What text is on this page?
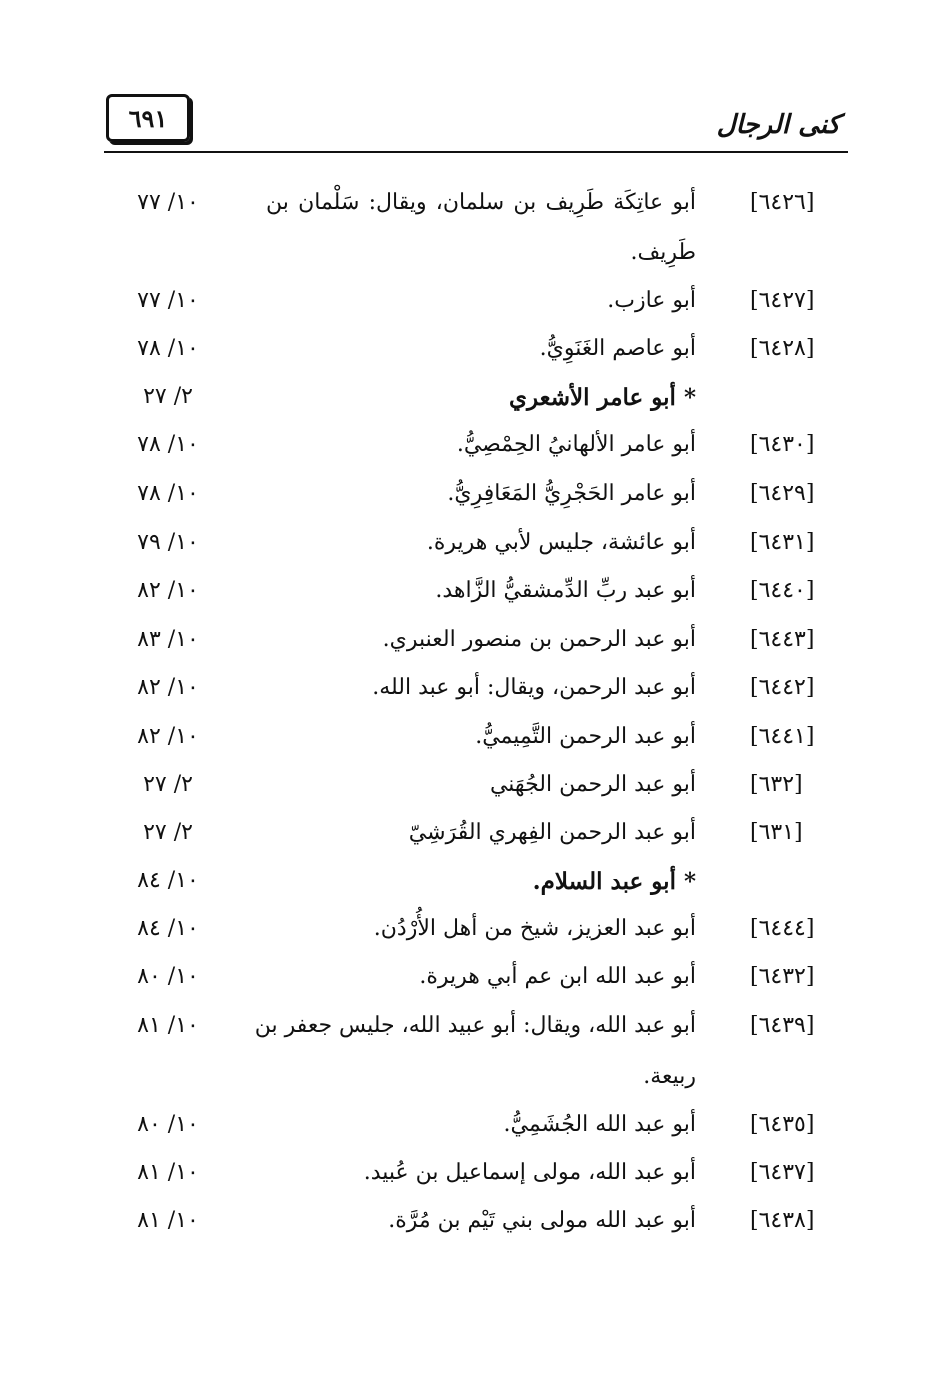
٦٩١	كنى الرجال
[٦٤٢٦]
أبو عاتِكَة طَرِيف بن سلمان، ويقال: سَلْمان بن
١٠/ ٧٧
طَرِيف.
[٦٤٢٧]
أبو عازب.
١٠/ ٧٧
[٦٤٢٨]
أبو عاصم الغَنَوِيُّ.
١٠/ ٧٨
* أبو عامر الأشعري
٢/ ٢٧
[٦٤٣٠]
أبو عامر الألهانيُ الحِمْصِيُّ.
١٠/ ٧٨
[٦٤٢٩]
أبو عامر الحَجْرِيُّ المَعَافِرِيُّ.
١٠/ ٧٨
[٦٤٣١]
أبو عائشة، جليس لأبي هريرة.
١٠/ ٧٩
[٦٤٤٠]
أبو عبد ربِّ الدِّمشقيُّ الزَّاهد.
١٠/ ٨٢
[٦٤٤٣]
أبو عبد الرحمن بن منصور العنبري.
١٠/ ٨٣
[٦٤٤٢]
أبو عبد الرحمن، ويقال: أبو عبد الله.
١٠/ ٨٢
[٦٤٤١]
أبو عبد الرحمن التَّمِيميُّ.
١٠/ ٨٢
[٦٣٢]
أبو عبد الرحمن الجُهَني
٢/ ٢٧
[٦٣١]
أبو عبد الرحمن الفِهري القُرَشِيّ
٢/ ٢٧
* أبو عبد السلام.
١٠/ ٨٤
[٦٤٤٤]
أبو عبد العزيز، شيخ من أهل الأُرْدُن.
١٠/ ٨٤
[٦٤٣٢]
أبو عبد الله ابن عم أبي هريرة.
١٠/ ٨٠
[٦٤٣٩]
أبو عبد الله، ويقال: أبو عبيد الله، جليس جعفر بن
١٠/ ٨١
ربيعة.
[٦٤٣٥]
أبو عبد الله الجُشَمِيُّ.
١٠/ ٨٠
[٦٤٣٧]
أبو عبد الله، مولى إسماعيل بن عُبيد.
١٠/ ٨١
[٦٤٣٨]
أبو عبد الله مولى بني تَيْم بن مُرَّة.
١٠/ ٨١
